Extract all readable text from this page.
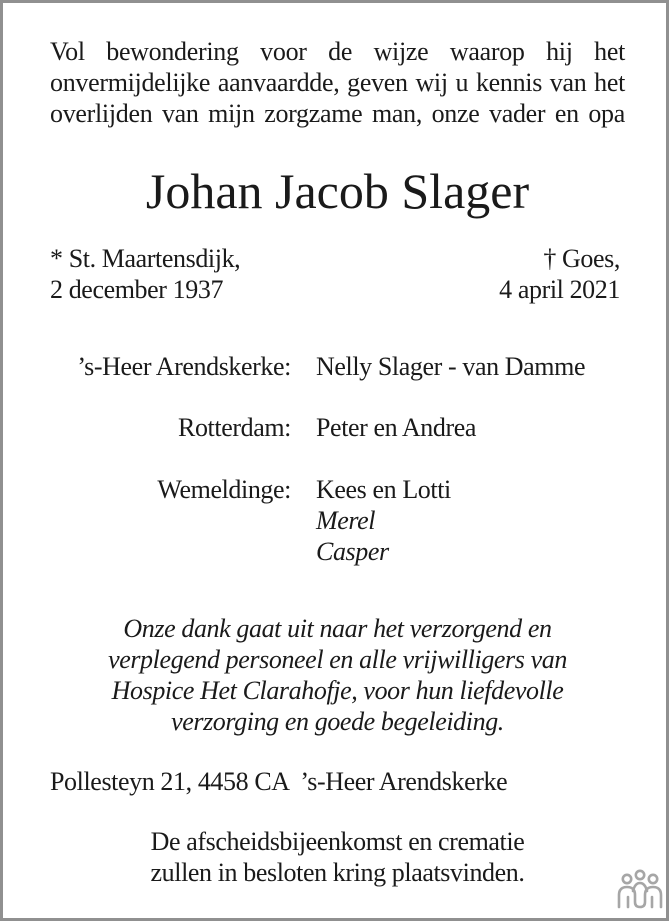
Vol bewondering voor de wijze waarop hij het
onvermijdelijke aanvaardde, geven wij u kennis van het
overlijden van mijn zorgzame man, onze vader en opa
Johan Jacob Slager
* St. Maartensdijk,
2 december 1937
† Goes,
4 april 2021
’s-Heer Arendskerke: Nelly Slager - van Damme
Rotterdam: Peter en Andrea
Wemeldinge: Kees en Lotti
Merel
Casper
Onze dank gaat uit naar het verzorgend en
verplegend personeel en alle vrijwilligers van
Hospice Het Clarahofje, voor hun liefdevolle
verzorging en goede begeleiding.
Pollesteyn 21, 4458 CA  ’s-Heer Arendskerke
De afscheidsbijeenkomst en crematie
zullen in besloten kring plaatsvinden.
